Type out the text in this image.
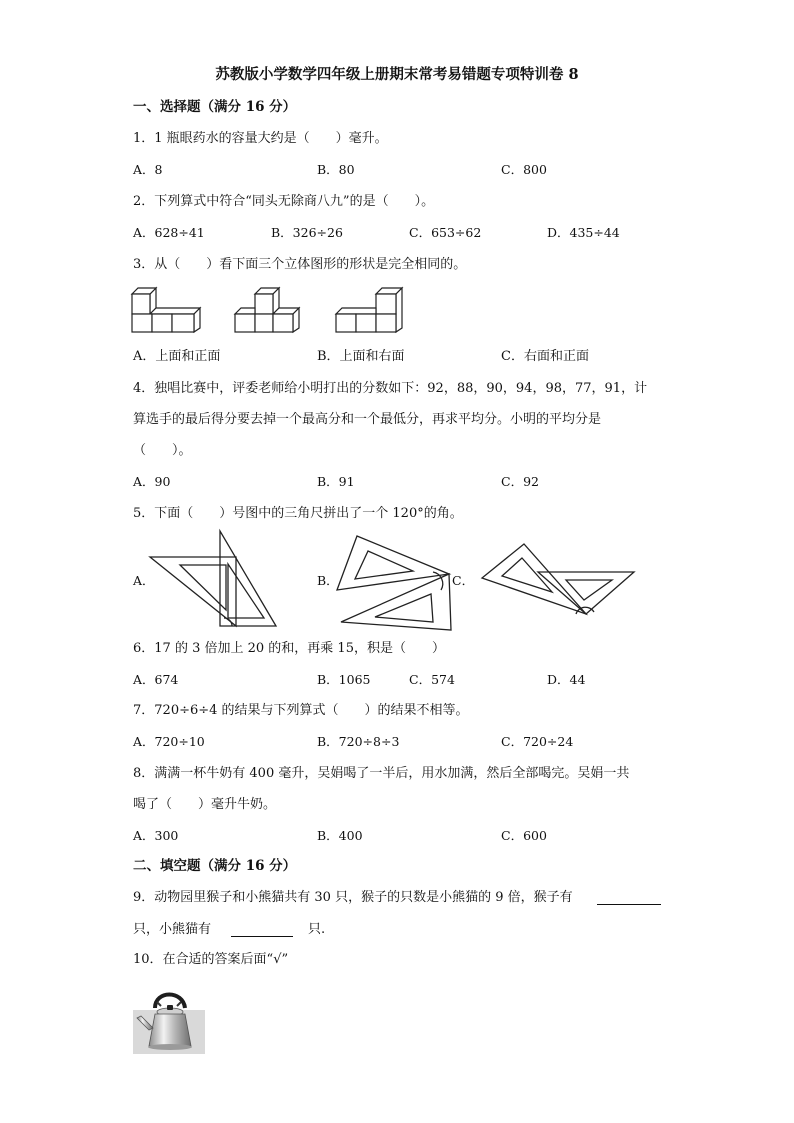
苏教版小学数学四年级上册期末常考易错题专项特训卷 8
一、选择题（满分 16 分）
1．1 瓶眼药水的容量大约是（　　）毫升。
A．8	B．80	C．800
2．下列算式中符合“同头无除商八九”的是（　　）。
A．628÷41	B．326÷26	C．653÷62	D．435÷44
3．从（　　）看下面三个立体图形的形状是完全相同的。
A．上面和正面	B．上面和右面	C．右面和正面
4．独唱比赛中，评委老师给小明打出的分数如下：92，88，90，94，98，77，91，计
算选手的最后得分要去掉一个最高分和一个最低分，再求平均分。小明的平均分是
（　　）。
A．90	B．91	C．92
5．下面（　　）号图中的三角尺拼出了一个 120°的角。
A．	B．	C．
6．17 的 3 倍加上 20 的和，再乘 15，积是（　　）
A．674	B．1065	C．574	D．44
7．720÷6÷4 的结果与下列算式（　　）的结果不相等。
A．720÷10	B．720÷8÷3	C．720÷24
8．满满一杯牛奶有 400 毫升，吴娟喝了一半后，用水加满，然后全部喝完。吴娟一共
喝了（　　）毫升牛奶。
A．300	B．400	C．600
二、填空题（满分 16 分）
9．动物园里猴子和小熊猫共有 30 只，猴子的只数是小熊猫的 9 倍，猴子有
只，小熊猫有	只.
10．在合适的答案后面“√”
